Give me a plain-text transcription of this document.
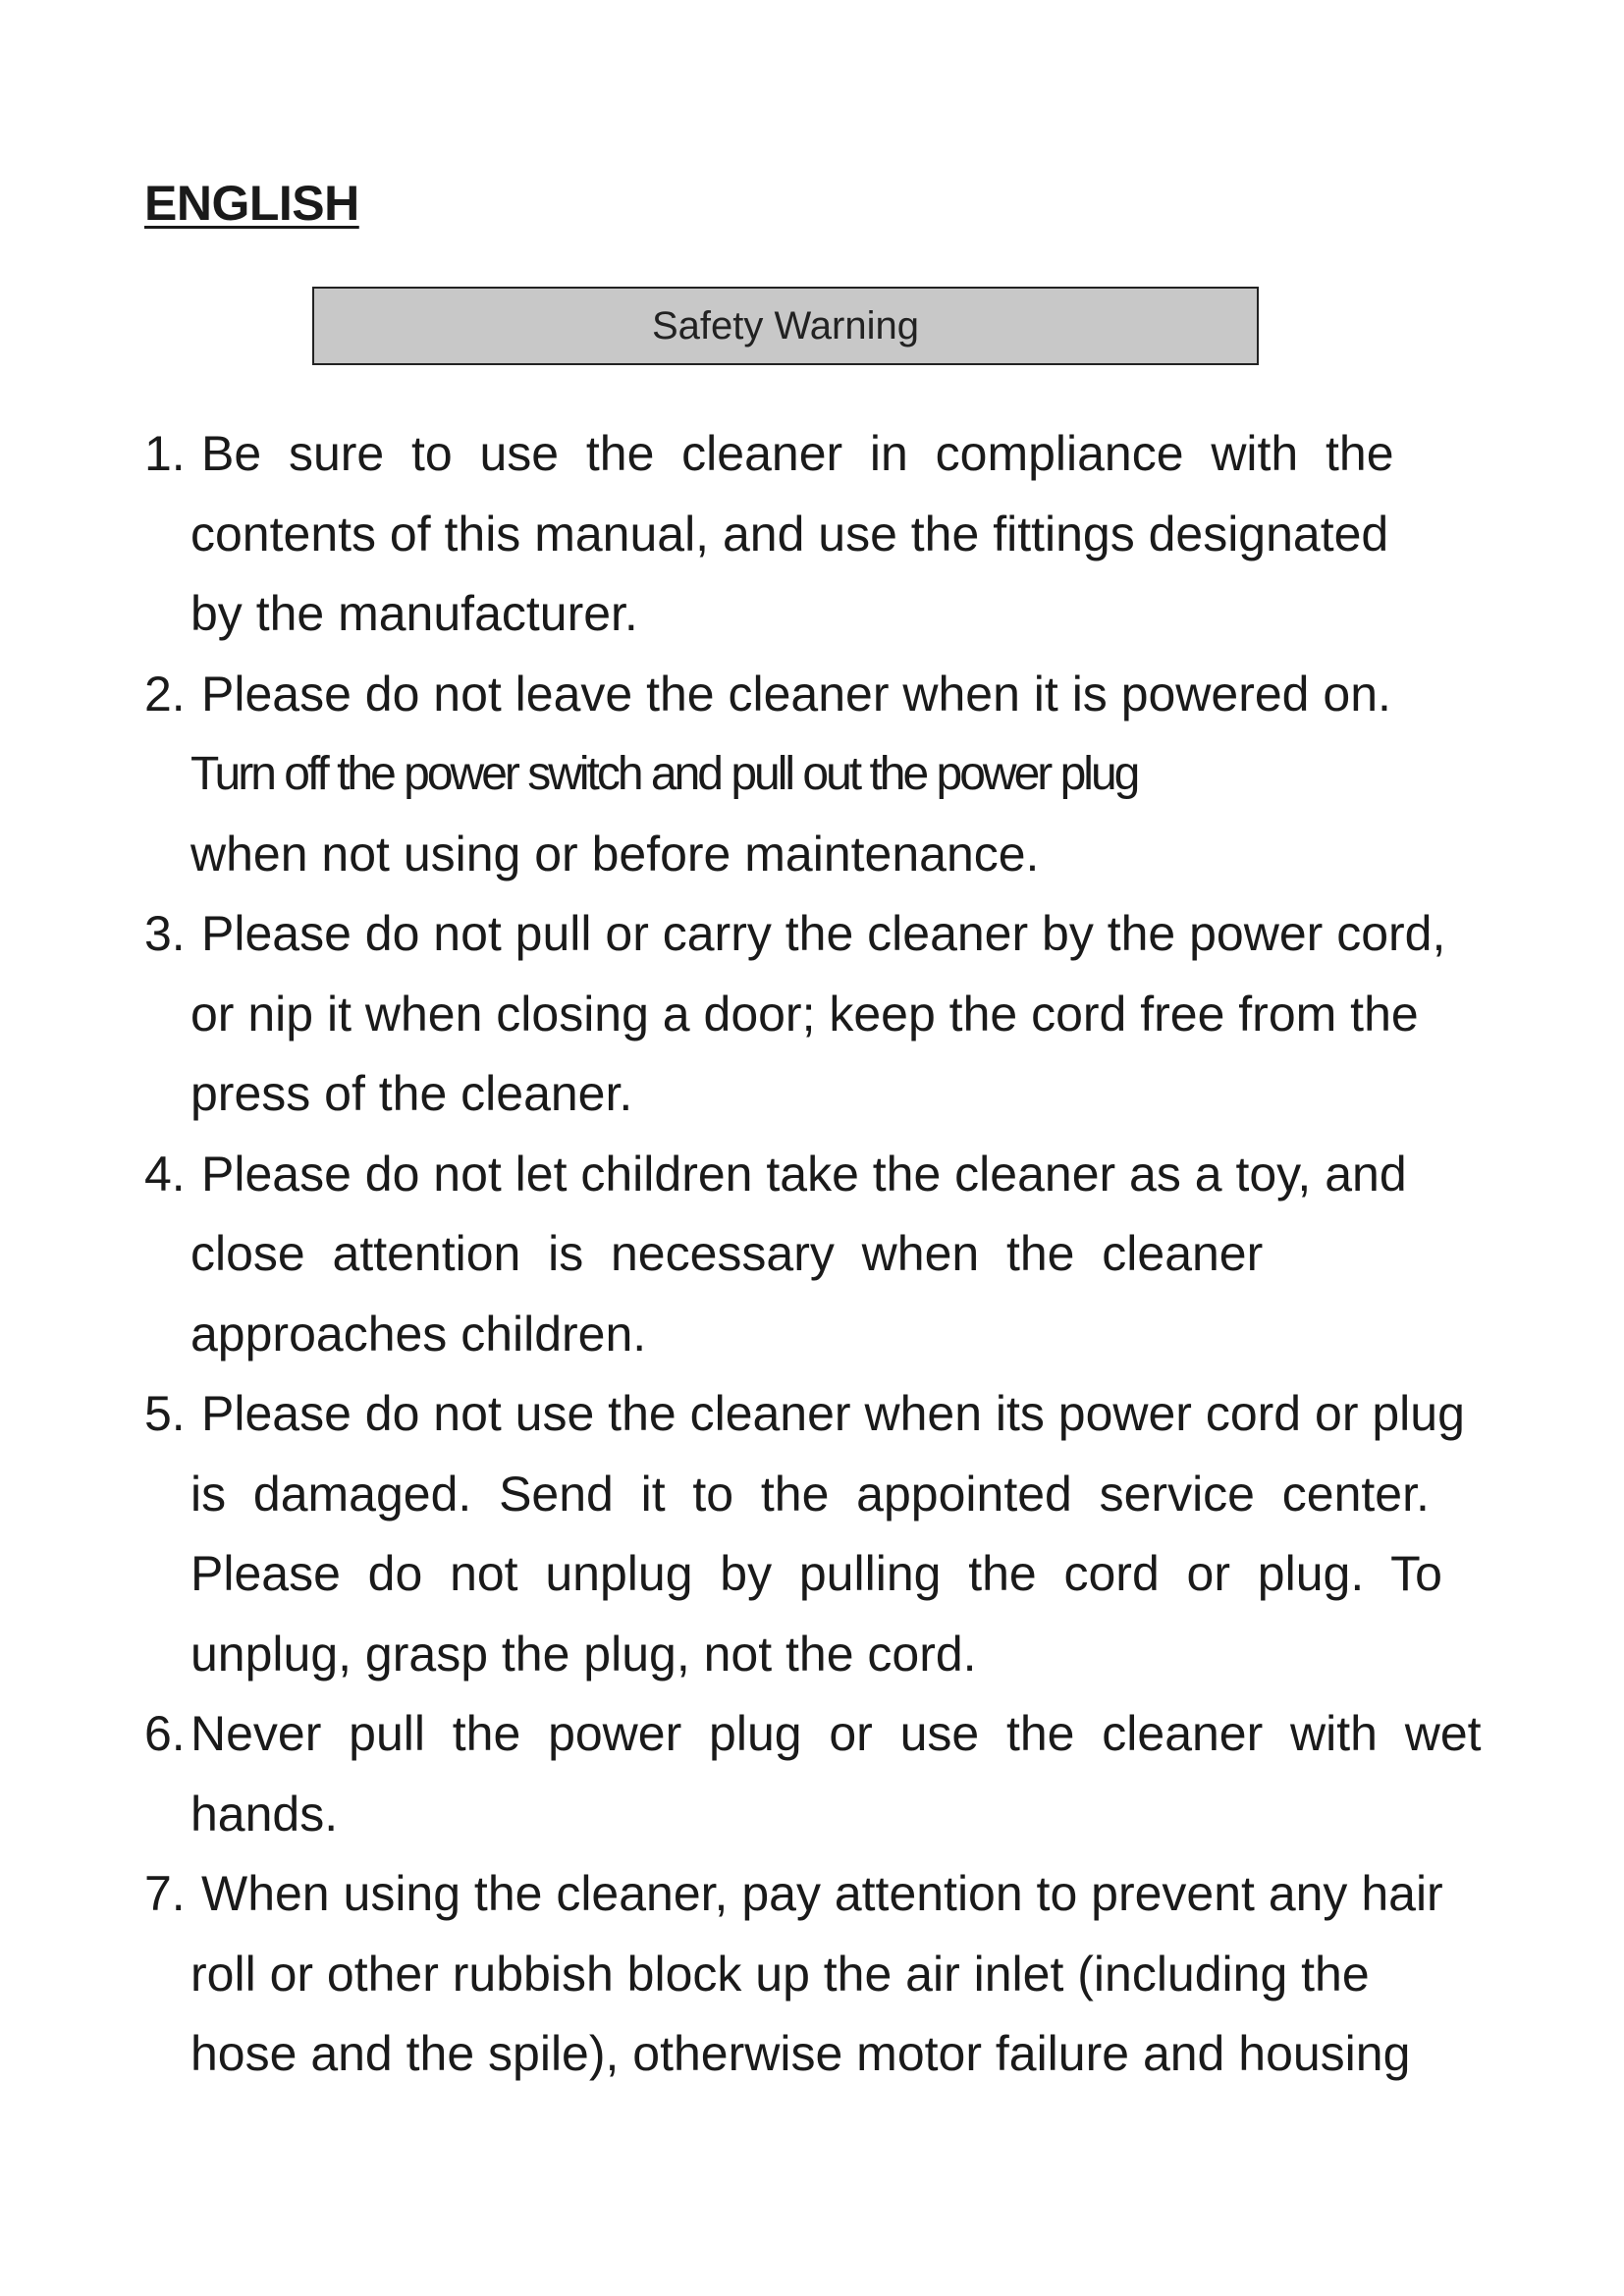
ENGLISH
Safety Warning
1. Be  sure  to  use  the  cleaner  in  compliance  with  the
contents of this manual, and use the fittings designated
by the manufacturer.
2. Please do not leave the cleaner when it is powered on.
Turn off the power switch and pull out the power plug
when not using or before maintenance.
3. Please do not pull or carry the cleaner by the power cord,
or nip it when closing a door; keep the cord free from the
press of the cleaner.
4. Please do not let children take the cleaner as a toy, and
close  attention  is  necessary  when  the  cleaner
approaches children.
5. Please do not use the cleaner when its power cord or plug
is  damaged.  Send  it  to  the  appointed  service  center.
Please  do  not  unplug  by  pulling  the  cord  or  plug.  To
unplug, grasp the plug, not the cord.
6. Never  pull  the  power  plug  or  use  the  cleaner  with  wet
hands.
7. When using the cleaner, pay attention to prevent any hair
roll or other rubbish block up the air inlet (including the
hose and the spile), otherwise motor failure and housing
